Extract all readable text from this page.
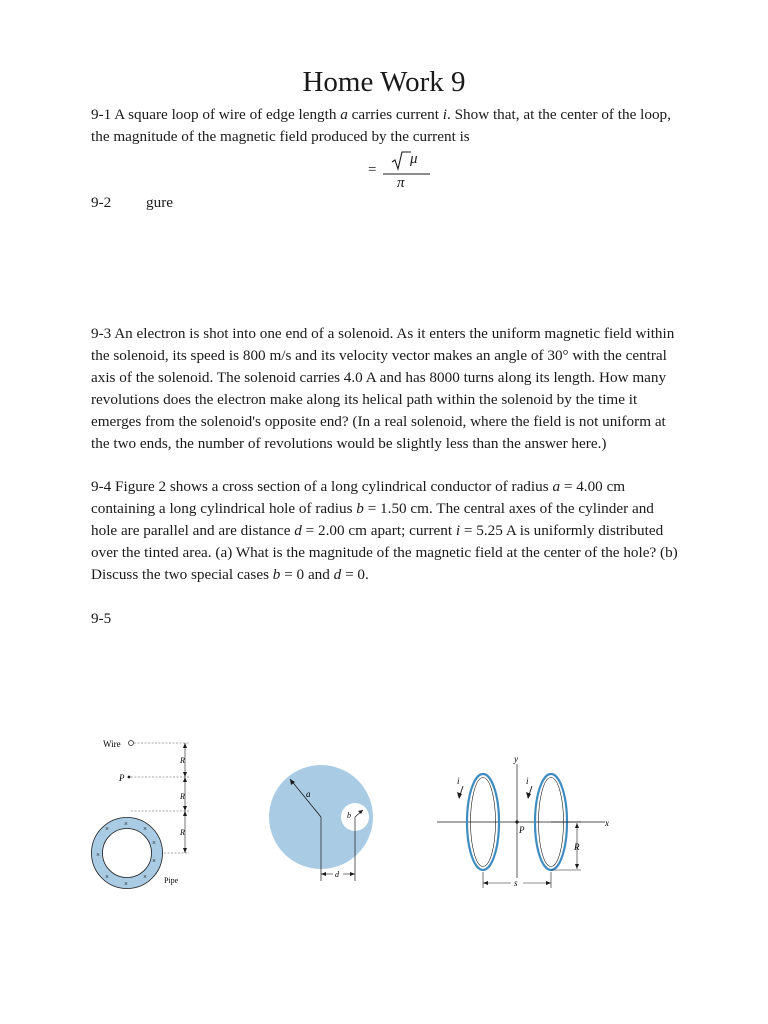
Home Work 9
9-1 A square loop of wire of edge length a carries current i. Show that, at the center of the loop,
the magnitude of the magnetic field produced by the current is
=
μ
π
9-2 gure
9-3 An electron is shot into one end of a solenoid. As it enters the uniform magnetic field within
the solenoid, its speed is 800 m/s and its velocity vector makes an angle of 30° with the central
axis of the solenoid. The solenoid carries 4.0 A and has 8000 turns along its length. How many
revolutions does the electron make along its helical path within the solenoid by the time it
emerges from the solenoid's opposite end? (In a real solenoid, where the field is not uniform at
the two ends, the number of revolutions would be slightly less than the answer here.)
9-4 Figure 2 shows a cross section of a long cylindrical conductor of radius a = 4.00 cm
containing a long cylindrical hole of radius b = 1.50 cm. The central axes of the cylinder and
hole are parallel and are distance d = 2.00 cm apart; current i = 5.25 A is uniformly distributed
over the tinted area. (a) What is the magnitude of the magnetic field at the center of the hole? (b)
Discuss the two special cases b = 0 and d = 0.
9-5
Wire
P
R
R
R
×
×
×
×
×
×
×
×
×
Pipe
a
b
d
x
y
P
i	i
R
s
